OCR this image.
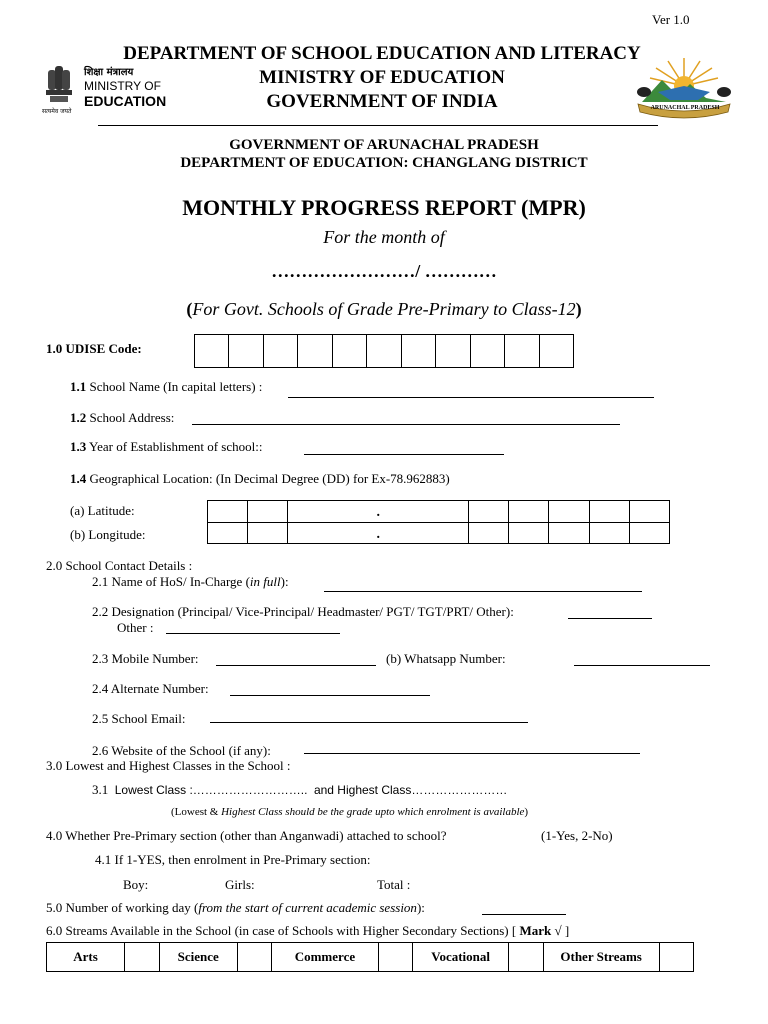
Ver 1.0
शिक्षा मंत्रालय
MINISTRY OF
EDUCATION
सत्यमेव जयते
DEPARTMENT OF SCHOOL EDUCATION AND LITERACY
MINISTRY OF EDUCATION
GOVERNMENT OF INDIA	ARUNACHAL PRADESH
GOVERNMENT OF ARUNACHAL PRADESH
DEPARTMENT OF EDUCATION: CHANGLANG DISTRICT
MONTHLY PROGRESS REPORT (MPR)
For the month of
……………………/ …………
(For Govt. Schools of Grade Pre-Primary to Class-12)
1.0 UDISE Code:

1.1 School Name (In capital letters) :
1.2 School Address:
1.3 Year of Establishment of school::
1.4 Geographical Location: (In Decimal Degree (DD) for Ex-78.962883)
(a) Latitude:
(b) Longitude:
		.					
		.					
2.0 School Contact Details :
2.1 Name of HoS/ In-Charge (in full):
2.2 Designation (Principal/ Vice-Principal/ Headmaster/ PGT/ TGT/PRT/ Other):
Other :
2.3 Mobile Number:	(b) Whatsapp Number:
2.4 Alternate Number:
2.5 School Email:
2.6 Website of the School (if any):
3.0 Lowest and Highest Classes in the School :
3.1 Lowest Class :……………………….. and Highest Class……………………
(Lowest & Highest Class should be the grade upto which enrolment is available)
4.0 Whether Pre-Primary section (other than Anganwadi) attached to school?	(1-Yes, 2-No)
4.1 If 1-YES, then enrolment in Pre-Primary section:
Boy:	Girls:	Total :
5.0 Number of working day (from the start of current academic session):
6.0 Streams Available in the School (in case of Schools with Higher Secondary Sections) [ Mark √ ]
Arts		Science		Commerce		Vocational		Other Streams	
